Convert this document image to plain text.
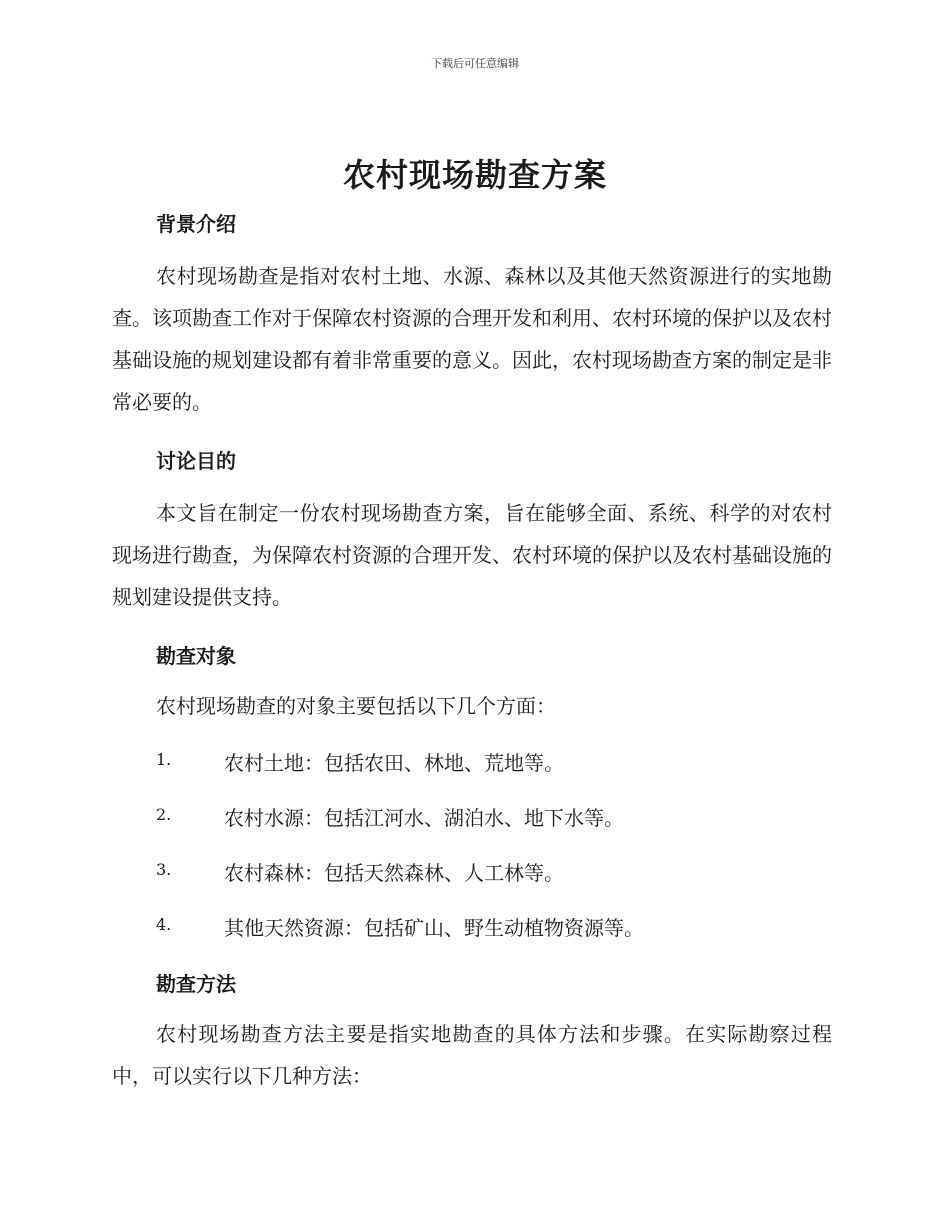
下载后可任意编辑
农村现场勘查方案
背景介绍

农村现场勘查是指对农村土地、水源、森林以及其他天然资源进行的实地勘查。该项勘查工作对于保障农村资源的合理开发和利用、农村环境的保护以及农村基础设施的规划建设都有着非常重要的意义。因此，农村现场勘查方案的制定是非常必要的。

讨论目的

本文旨在制定一份农村现场勘查方案，旨在能够全面、系统、科学的对农村现场进行勘查，为保障农村资源的合理开发、农村环境的保护以及农村基础设施的规划建设提供支持。

勘查对象

农村现场勘查的对象主要包括以下几个方面：

1.	农村土地：包括农田、林地、荒地等。
2.	农村水源：包括江河水、湖泊水、地下水等。
3.	农村森林：包括天然森林、人工林等。
4.	其他天然资源：包括矿山、野生动植物资源等。
勘查方法

农村现场勘查方法主要是指实地勘查的具体方法和步骤。在实际勘察过程中，可以实行以下几种方法：
